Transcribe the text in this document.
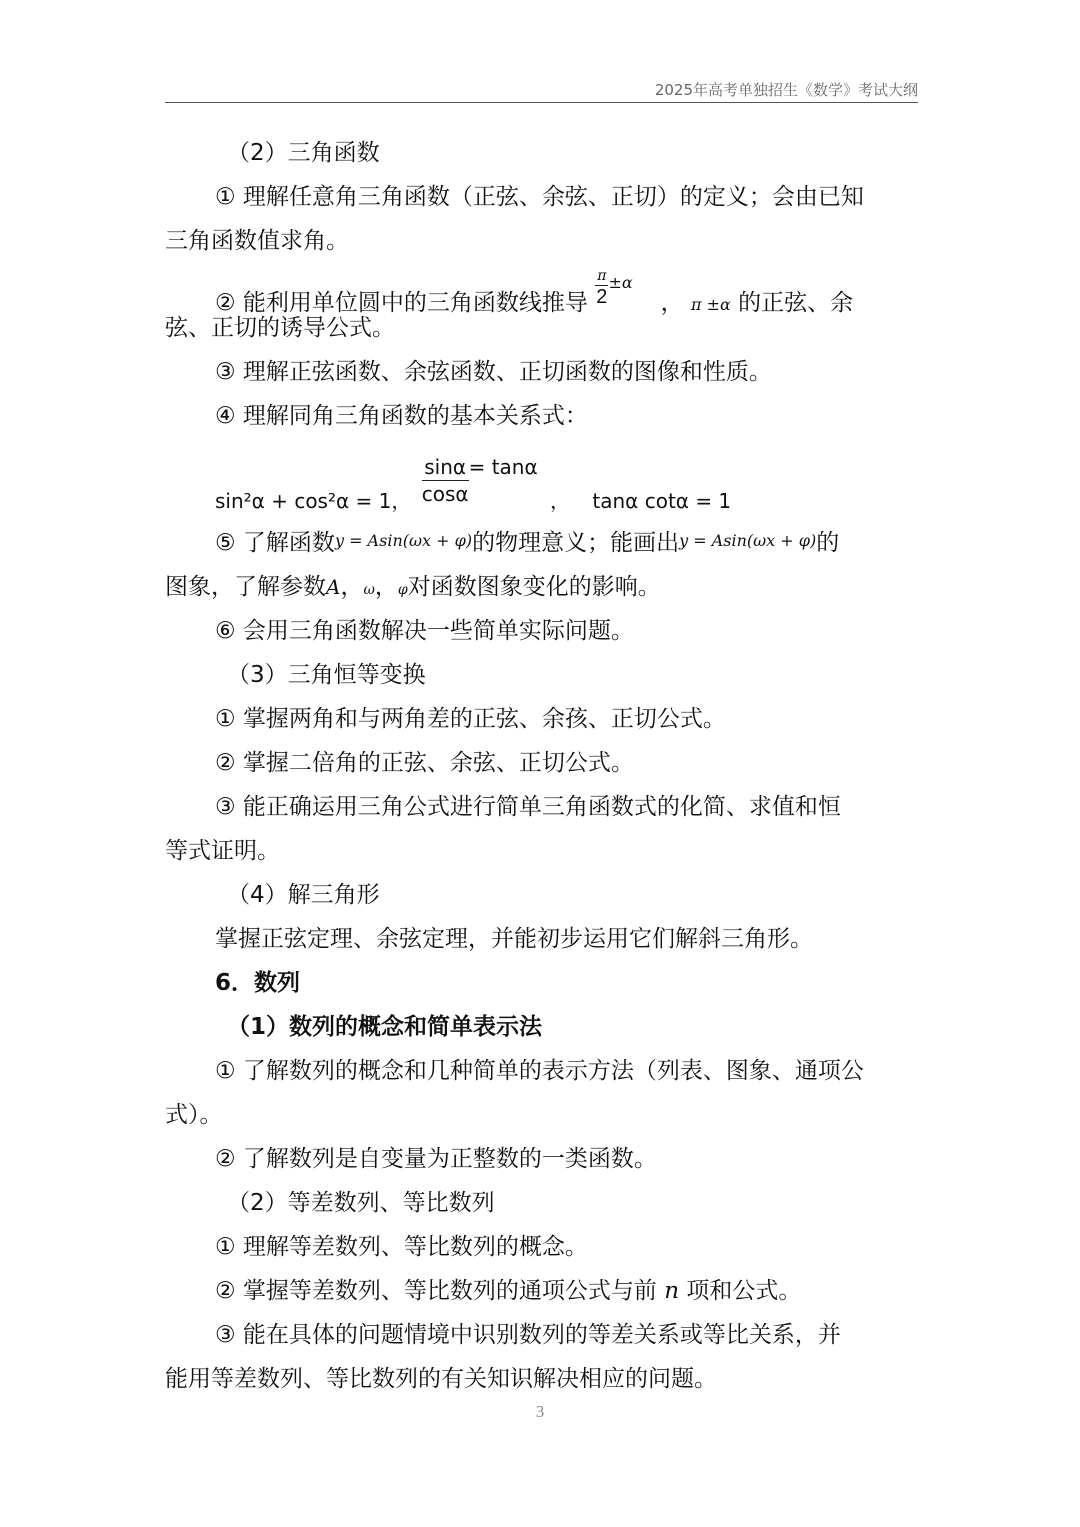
2025年高考单独招生《数学》考试大纲
（2）三角函数
① 理解任意角三角函数（正弦、余弦、正切）的定义；会由已知
三角函数值求角。
② 能利用单位圆中的三角函数线推导 $\frac{\pi}{2} ^{\pm\alpha}$， π ±α 的正弦、余
弦、正切的诱导公式。
③ 理解正弦函数、余弦函数、正切函数的图像和性质。
④ 理解同角三角函数的基本关系式：
sin²α + cos²α = 1， $\frac{\sin\alpha}{\cos\alpha} = \tan\alpha$ ， tanα cotα = 1
⑤ 了解函数y = Asin(ωx + φ)的物理意义；能画出y = Asin(ωx + φ)的
图象，了解参数A，ω，φ对函数图象变化的影响。
⑥ 会用三角函数解决一些简单实际问题。
（3）三角恒等变换
① 掌握两角和与两角差的正弦、余孩、正切公式。
② 掌握二倍角的正弦、余弦、正切公式。
③ 能正确运用三角公式进行简单三角函数式的化简、求值和恒
等式证明。
（4）解三角形
掌握正弦定理、余弦定理，并能初步运用它们解斜三角形。
6．数列
（1）数列的概念和简单表示法
① 了解数列的概念和几种简单的表示方法（列表、图象、通项公
式）。
② 了解数列是自变量为正整数的一类函数。
（2）等差数列、等比数列
① 理解等差数列、等比数列的概念。
② 掌握等差数列、等比数列的通项公式与前 n 项和公式。
③ 能在具体的问题情境中识别数列的等差关系或等比关系，并
能用等差数列、等比数列的有关知识解决相应的问题。
3
